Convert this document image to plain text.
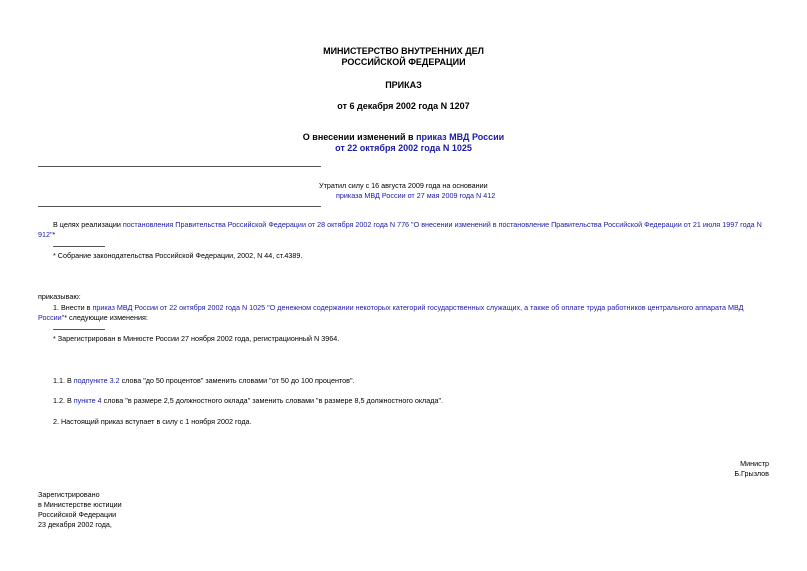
МИНИСТЕРСТВО ВНУТРЕННИХ ДЕЛ
РОССИЙСКОЙ ФЕДЕРАЦИИ
ПРИКАЗ
от 6 декабря 2002 года N 1207
О внесении изменений в приказ МВД России
от 22 октября 2002 года N 1025
Утратил силу с 16 августа 2009 года на основании
приказа МВД России от 27 мая 2009 года N 412
В целях реализации постановления Правительства Российской Федерации от 28 октября 2002 года N 776 "О внесении изменений в постановление Правительства Российской Федерации от 21 июля 1997 года N
912"*
* Собрание законодательства Российской Федерации, 2002, N 44, ст.4389.
приказываю:
1. Внести в приказ МВД России от 22 октября 2002 года N 1025 "О денежном содержании некоторых категорий государственных служащих, а также об оплате труда работников центрального аппарата МВД
России"* следующие изменения:
* Зарегистрирован в Минюсте России 27 ноября 2002 года, регистрационный N 3964.
1.1. В подпункте 3.2 слова "до 50 процентов" заменить словами "от 50 до 100 процентов".
1.2. В пункте 4 слова "в размере 2,5 должностного оклада" заменить словами "в размере 8,5 должностного оклада".
2. Настоящий приказ вступает в силу с 1 ноября 2002 года.
Министр
Б.Грызлов
Зарегистрировано
в Министерстве юстиции
Российской Федерации
23 декабря 2002 года,
